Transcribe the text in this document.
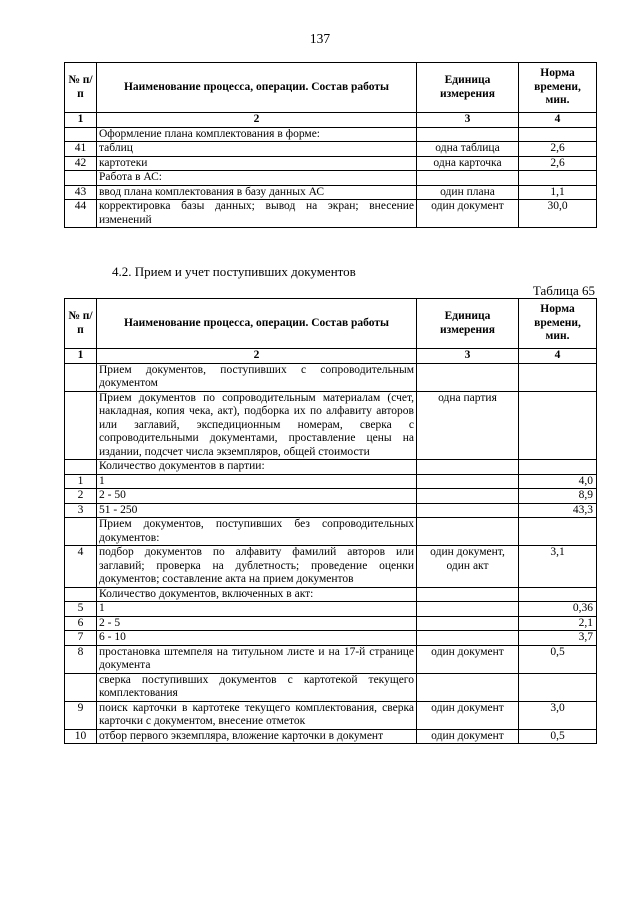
137
№ п/п	Наименование процесса, операции. Состав работы	Единица измерения	Норма времени, мин.
1	2	3	4
	Оформление плана комплектования в форме:		
41	таблиц	одна таблица	2,6
42	картотеки	одна карточка	2,6
	Работа в АС:		
43	ввод плана комплектования в базу данных АС	один плана	1,1
44	корректировка базы данных; вывод на экран; внесение изменений	один документ	30,0
4.2. Прием и учет поступивших документов
Таблица 65
№ п/п	Наименование процесса, операции. Состав работы	Единица измерения	Норма времени, мин.
1	2	3	4
	Прием документов, поступивших с сопроводительным документом		
	Прием документов по сопроводительным материалам (счет, накладная, копия чека, акт), подборка их по алфавиту авторов или заглавий, экспедиционным номерам, сверка с сопроводительными документами, проставление цены на издании, подсчет числа экземпляров, общей стоимости	одна партия	
	Количество документов в партии:		
1	1		4,0
2	2 - 50		8,9
3	51 - 250		43,3
	Прием документов, поступивших без сопроводительных документов:		
4	подбор документов по алфавиту фамилий авторов или заглавий; проверка на дублетность; проведение оценки документов; составление акта на прием документов	один документ, один акт	3,1
	Количество документов, включенных в акт:		
5	1		0,36
6	2 - 5		2,1
7	6 - 10		3,7
8	простановка штемпеля на титульном листе и на 17-й странице документа	один документ	0,5
	сверка поступивших документов с картотекой текущего комплектования		
9	поиск карточки в картотеке текущего комплектования, сверка карточки с документом, внесение отметок	один документ	3,0
10	отбор первого экземпляра, вложение карточки в документ	один документ	0,5
